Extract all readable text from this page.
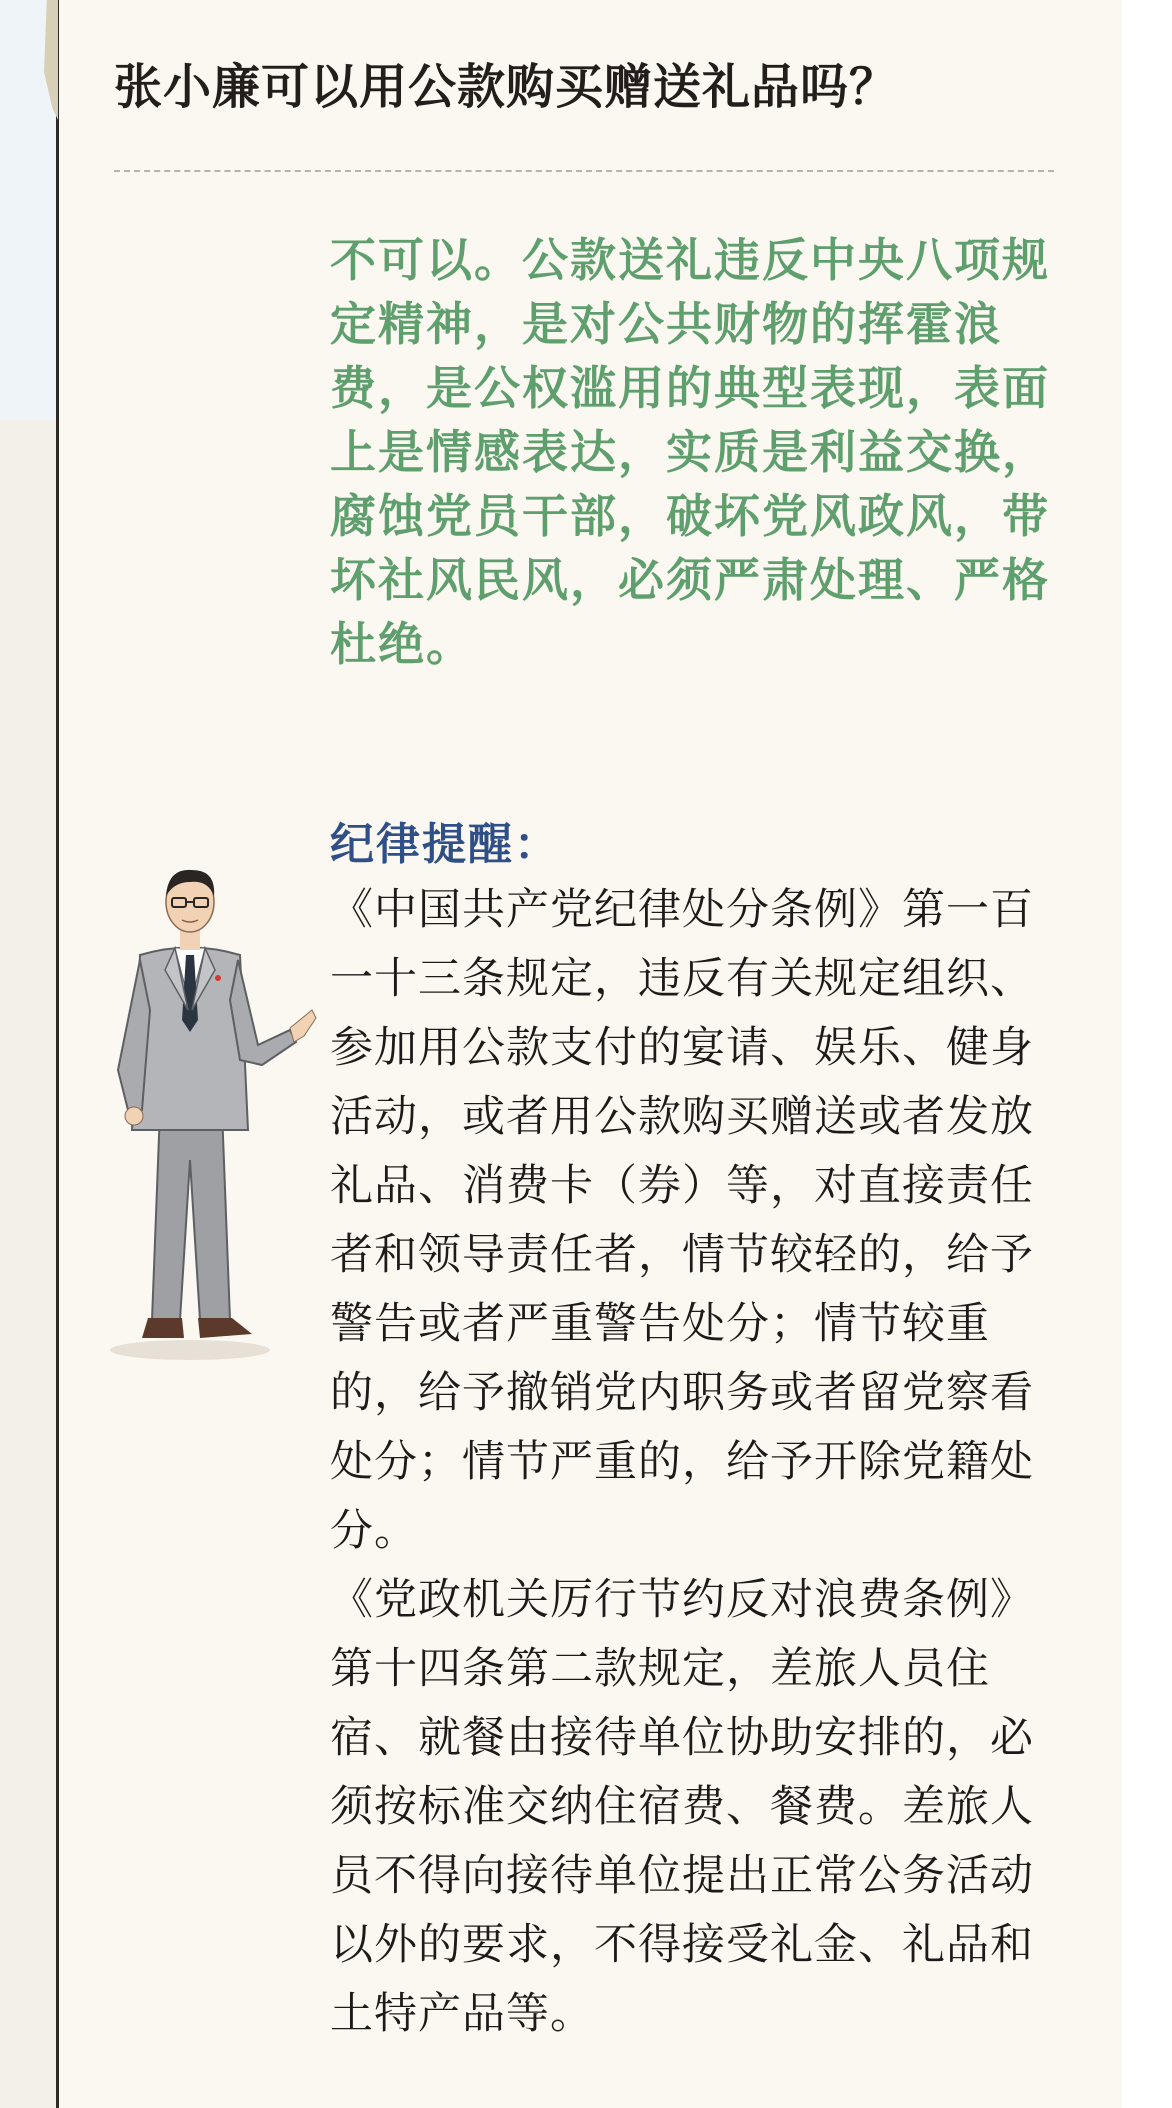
张小廉可以用公款购买赠送礼品吗？

不可以。公款送礼违反中央八项规定精神，是对公共财物的挥霍浪费，是公权滥用的典型表现，表面上是情感表达，实质是利益交换，腐蚀党员干部，破坏党风政风，带坏社风民风，必须严肃处理、严格杜绝。

纪律提醒：

《中国共产党纪律处分条例》第一百一十三条规定，违反有关规定组织、参加用公款支付的宴请、娱乐、健身活动，或者用公款购买赠送或者发放礼品、消费卡（券）等，对直接责任者和领导责任者，情节较轻的，给予警告或者严重警告处分；情节较重的，给予撤销党内职务或者留党察看处分；情节严重的，给予开除党籍处分。

《党政机关厉行节约反对浪费条例》第十四条第二款规定，差旅人员住宿、就餐由接待单位协助安排的，必须按标准交纳住宿费、餐费。差旅人员不得向接待单位提出正常公务活动以外的要求，不得接受礼金、礼品和土特产品等。
